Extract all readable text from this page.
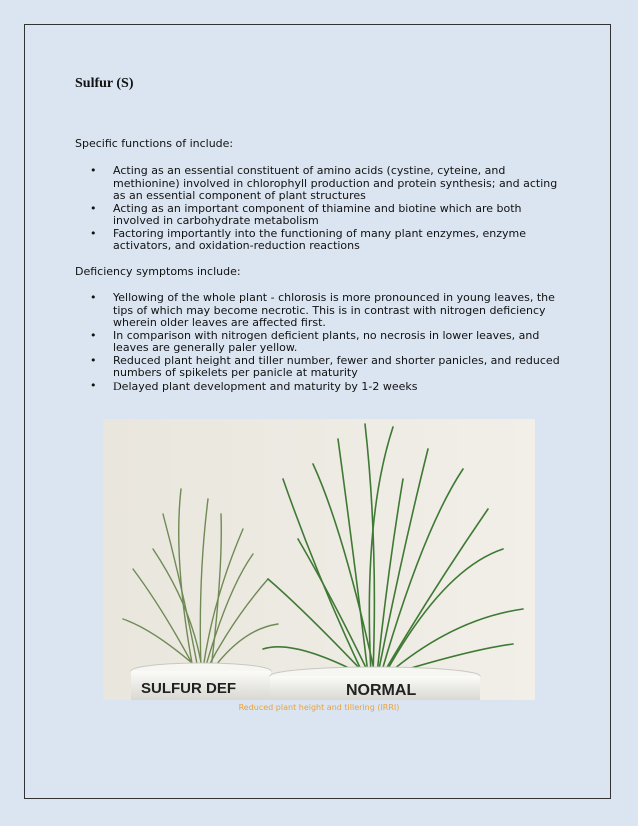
Sulfur (S)
Specific functions of include:
• Acting as an essential constituent of amino acids (cystine, cyteine, and methionine) involved in chlorophyll production and protein synthesis; and acting as an essential component of plant structures
• Acting as an important component of thiamine and biotine which are both involved in carbohydrate metabolism
• Factoring importantly into the functioning of many plant enzymes, enzyme activators, and oxidation-reduction reactions
Deficiency symptoms include:
• Yellowing of the whole plant - chlorosis is more pronounced in young leaves, the tips of which may become necrotic. This is in contrast with nitrogen deficiency wherein older leaves are affected first.
• In comparison with nitrogen deficient plants, no necrosis in lower leaves, and leaves are generally paler yellow.
• Reduced plant height and tiller number, fewer and shorter panicles, and reduced numbers of spikelets per panicle at maturity
• Delayed plant development and maturity by 1-2 weeks
SULFUR DEF	NORMAL
Reduced plant height and tillering (IRRI)
